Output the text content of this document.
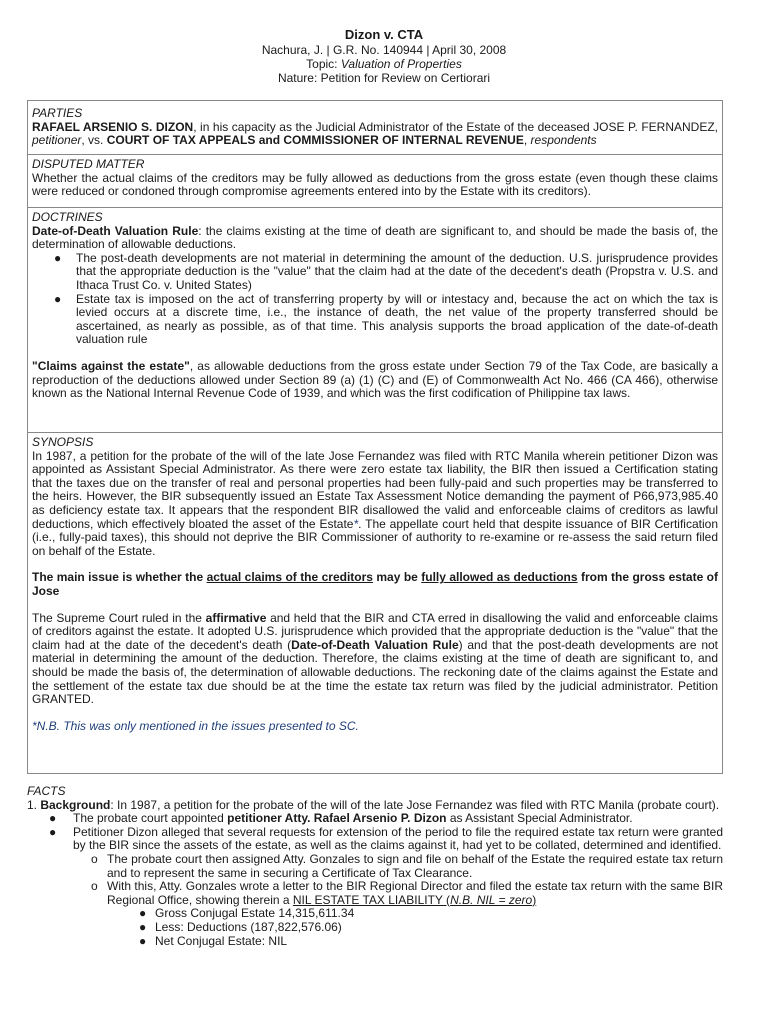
Dizon v. CTA
Nachura, J. | G.R. No. 140944 | April 30, 2008
Topic: Valuation of Properties
Nature: Petition for Review on Certiorari
PARTIES
RAFAEL ARSENIO S. DIZON, in his capacity as the Judicial Administrator of the Estate of the deceased JOSE P. FERNANDEZ, petitioner, vs. COURT OF TAX APPEALS and COMMISSIONER OF INTERNAL REVENUE, respondents
DISPUTED MATTER
Whether the actual claims of the creditors may be fully allowed as deductions from the gross estate (even though these claims were reduced or condoned through compromise agreements entered into by the Estate with its creditors).
DOCTRINES
Date-of-Death Valuation Rule: the claims existing at the time of death are significant to, and should be made the basis of, the determination of allowable deductions.
● The post-death developments are not material in determining the amount of the deduction. U.S. jurisprudence provides that the appropriate deduction is the "value" that the claim had at the date of the decedent's death (Propstra v. U.S. and Ithaca Trust Co. v. United States)
● Estate tax is imposed on the act of transferring property by will or intestacy and, because the act on which the tax is levied occurs at a discrete time, i.e., the instance of death, the net value of the property transferred should be ascertained, as nearly as possible, as of that time. This analysis supports the broad application of the date-of-death valuation rule
"Claims against the estate", as allowable deductions from the gross estate under Section 79 of the Tax Code, are basically a reproduction of the deductions allowed under Section 89 (a) (1) (C) and (E) of Commonwealth Act No. 466 (CA 466), otherwise known as the National Internal Revenue Code of 1939, and which was the first codification of Philippine tax laws.
SYNOPSIS
In 1987, a petition for the probate of the will of the late Jose Fernandez was filed with RTC Manila wherein petitioner Dizon was appointed as Assistant Special Administrator. As there were zero estate tax liability, the BIR then issued a Certification stating that the taxes due on the transfer of real and personal properties had been fully-paid and such properties may be transferred to the heirs. However, the BIR subsequently issued an Estate Tax Assessment Notice demanding the payment of P66,973,985.40 as deficiency estate tax. It appears that the respondent BIR disallowed the valid and enforceable claims of creditors as lawful deductions, which effectively bloated the asset of the Estate*. The appellate court held that despite issuance of BIR Certification (i.e., fully-paid taxes), this should not deprive the BIR Commissioner of authority to re-examine or re-assess the said return filed on behalf of the Estate.
The main issue is whether the actual claims of the creditors may be fully allowed as deductions from the gross estate of Jose
The Supreme Court ruled in the affirmative and held that the BIR and CTA erred in disallowing the valid and enforceable claims of creditors against the estate. It adopted U.S. jurisprudence which provided that the appropriate deduction is the "value" that the claim had at the date of the decedent's death (Date-of-Death Valuation Rule) and that the post-death developments are not material in determining the amount of the deduction. Therefore, the claims existing at the time of death are significant to, and should be made the basis of, the determination of allowable deductions. The reckoning date of the claims against the Estate and the settlement of the estate tax due should be at the time the estate tax return was filed by the judicial administrator. Petition GRANTED.
*N.B. This was only mentioned in the issues presented to SC.
FACTS
1. Background: In 1987, a petition for the probate of the will of the late Jose Fernandez was filed with RTC Manila (probate court).
● The probate court appointed petitioner Atty. Rafael Arsenio P. Dizon as Assistant Special Administrator.
● Petitioner Dizon alleged that several requests for extension of the period to file the required estate tax return were granted by the BIR since the assets of the estate, as well as the claims against it, had yet to be collated, determined and identified.
o The probate court then assigned Atty. Gonzales to sign and file on behalf of the Estate the required estate tax return and to represent the same in securing a Certificate of Tax Clearance.
o With this, Atty. Gonzales wrote a letter to the BIR Regional Director and filed the estate tax return with the same BIR Regional Office, showing therein a NIL ESTATE TAX LIABILITY (N.B. NIL = zero)
● Gross Conjugal Estate 14,315,611.34
● Less: Deductions (187,822,576.06)
● Net Conjugal Estate: NIL
